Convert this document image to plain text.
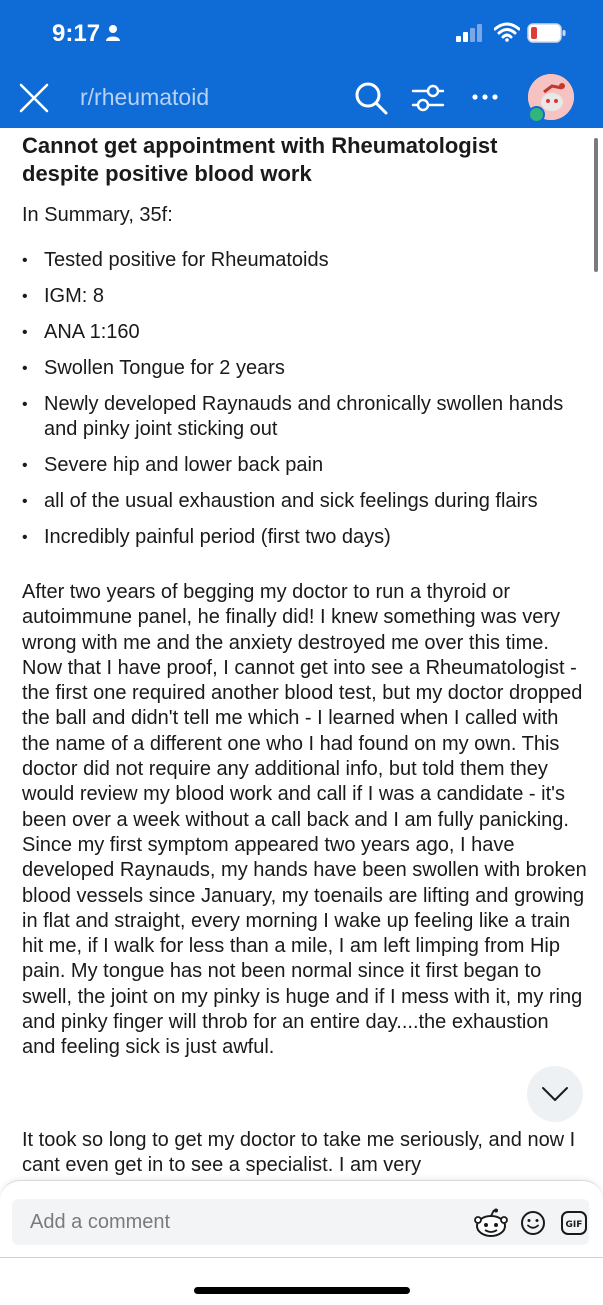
9:17
r/rheumatoid
Cannot get appointment with Rheumatologist despite positive blood work
In Summary, 35f:
• Tested positive for Rheumatoids
• IGM: 8
• ANA 1:160
• Swollen Tongue for 2 years
• Newly developed Raynauds and chronically swollen hands and pinky joint sticking out
• Severe hip and lower back pain
• all of the usual exhaustion and sick feelings during flairs
• Incredibly painful period (first two days)
After two years of begging my doctor to run a thyroid or autoimmune panel, he finally did! I knew something was very wrong with me and the anxiety destroyed me over this time. Now that I have proof, I cannot get into see a Rheumatologist - the first one required another blood test, but my doctor dropped the ball and didn't tell me which - I learned when I called with the name of a different one who I had found on my own. This doctor did not require any additional info, but told them they would review my blood work and call if I was a candidate - it's been over a week without a call back and I am fully panicking. Since my first symptom appeared two years ago, I have developed Raynauds, my hands have been swollen with broken blood vessels since January, my toenails are lifting and growing in flat and straight, every morning I wake up feeling like a train hit me, if I walk for less than a mile, I am left limping from Hip pain. My tongue has not been normal since it first began to swell, the joint on my pinky is huge and if I mess with it, my ring and pinky finger will throb for an entire day....the exhaustion and feeling sick is just awful.
It took so long to get my doctor to take me seriously, and now I cant even get in to see a specialist. I am very
Add a comment	GIF
